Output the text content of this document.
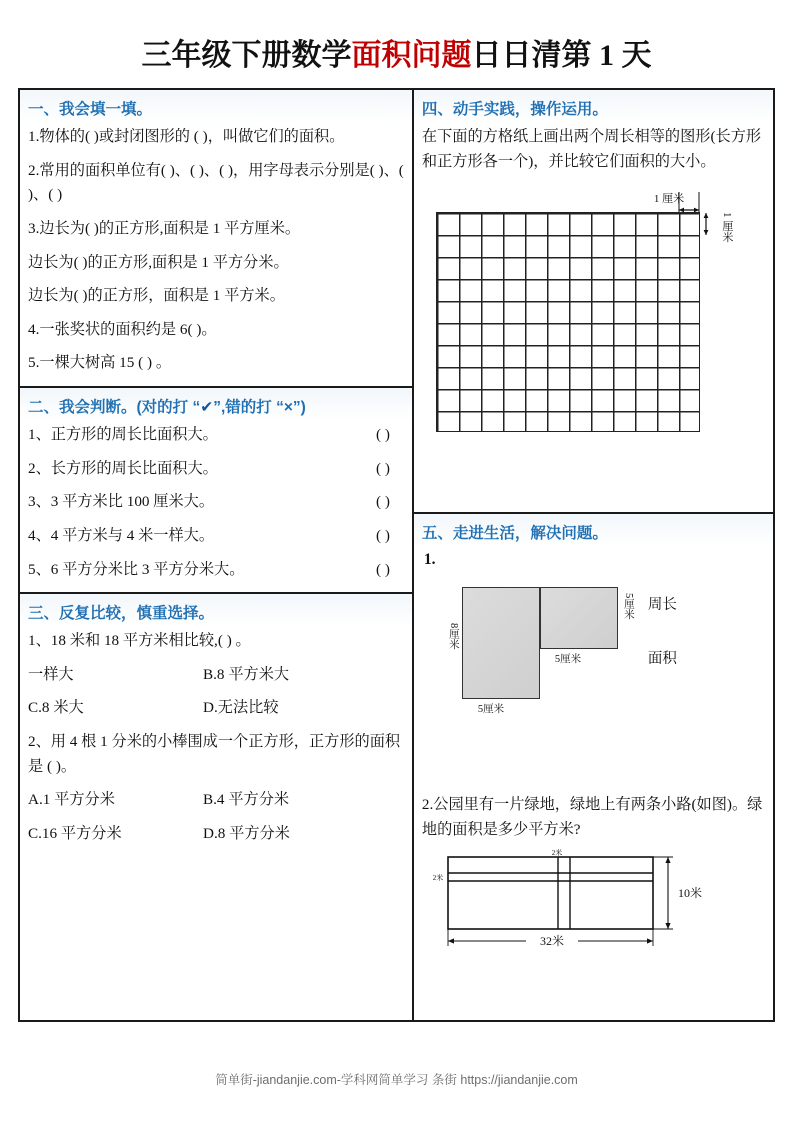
三年级下册数学面积问题日日清第 1 天
一、我会填一填。
1.物体的( )或封闭图形的 ( )，叫做它们的面积。
2.常用的面积单位有( )、( )、( )，用字母表示分别是( )、( )、( )
3.边长为( )的正方形,面积是 1 平方厘米。
边长为( )的正方形,面积是 1 平方分米。
边长为( )的正方形，面积是 1 平方米。
4.一张奖状的面积约是 6( )。
5.一棵大树高 15 ( ) 。
二、我会判断。(对的打 “✔”,错的打 “×”)
1、正方形的周长比面积大。	( )
2、长方形的周长比面积大。	( )
3、3 平方米比 100 厘米大。	( )
4、4 平方米与 4 米一样大。	( )
5、6 平方分米比 3 平方分米大。	( )
三、反复比较，慎重选择。
1、18 米和 18 平方米相比较,( ) 。
一样大	B.8 平方米大
C.8 米大	D.无法比较
2、用 4 根 1 分米的小棒围成一个正方形，正方形的面积是 ( )。
A.1 平方分米	B.4 平方分米
C.16 平方分米	D.8 平方分米
四、动手实践，操作运用。
在下面的方格纸上画出两个周长相等的图形(长方形和正方形各一个)，并比较它们面积的大小。
1 厘米
1 厘米
五、走进生活，解决问题。
1.
8厘米
5厘米
5厘米
5厘米 周长
面积
2.公园里有一片绿地，绿地上有两条小路(如图)。绿地的面积是多少平方米?
2米
2米
10米
32米
简单街-jiandanjie.com-学科网简单学习 条街 https://jiandanjie.com
